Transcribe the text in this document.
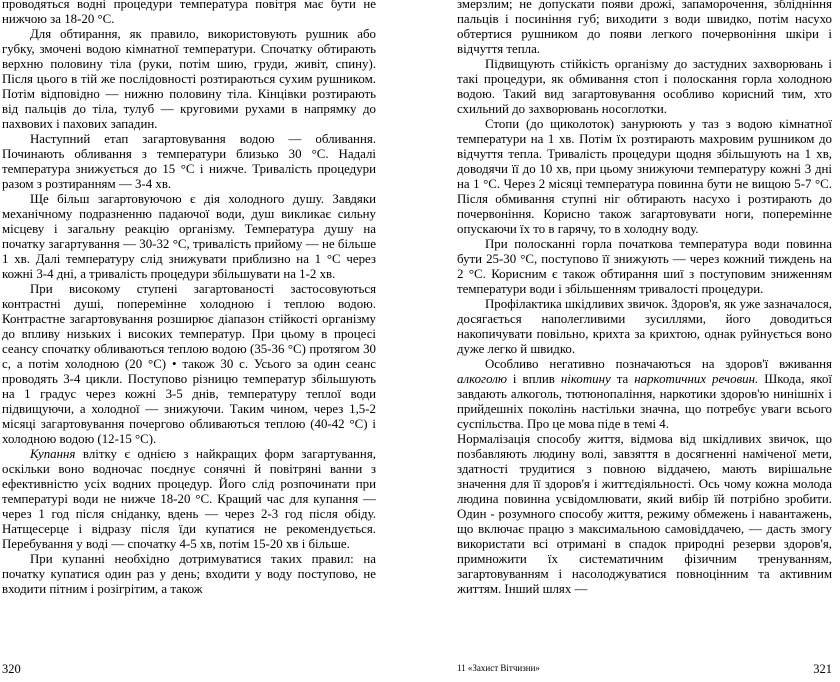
проводяться водні процедури температура повітря має бути не нижчою за 18-20 °С.

Для обтирання, як правило, використовують рушник або губку, змочені водою кімнатної температури. Спочатку обтирають верхню половину тіла (руки, потім шию, груди, живіт, спину). Після цього в тій же послідовності розтираються сухим рушником. Потім відповідно — нижню половину тіла. Кінцівки розтирають від пальців до тіла, тулуб — круговими рухами в напрямку до пахвових і пахових западин.

Наступний етап загартовування водою — обливання. Починають обливання з температури близько 30 °С. Надалі температура знижується до 15 °С і нижче. Тривалість процедури разом з розтиранням — 3-4 хв.

Ще більш загартовуючою є дія холодного душу. Завдяки механічному подразненню падаючої води, душ викликає сильну місцеву і загальну реакцію організму. Температура душу на початку загартування — 30-32 °С, тривалість прийому — не більше 1 хв. Далі температуру слід знижувати приблизно на 1 °С через кожні 3-4 дні, а тривалість процедури збільшувати на 1-2 хв.

При високому ступені загартованості застосовуються контрастні душі, поперемінне холодною і теплою водою. Контрастне загартовування розширює діапазон стійкості організму до впливу низьких і високих температур. При цьому в процесі сеансу спочатку обливаються теплою водою (35-36 °С) протягом 30 с, а потім холодною (20 °С) • також 30 с. Усього за один сеанс проводять 3-4 цикли. Поступово різницю температур збільшують на 1 градус через кожні 3-5 днів, температуру теплої води підвищуючи, а холодної — знижуючи. Таким чином, через 1,5-2 місяці загартовування почергово обливаються теплою (40-42 °С) і холодною водою (12-15 °С).

Купання влітку є однією з найкращих форм загартування, оскільки воно водночас поєднує сонячні й повітряні ванни з ефективністю усіх водних процедур. Його слід розпочинати при температурі води не нижче 18-20 °С. Кращий час для купання — через 1 год після сніданку, вдень — через 2-3 год після обіду. Натщесерце і відразу після їди купатися не рекомендується. Перебування у воді — спочатку 4-5 хв, потім 15-20 хв і більше.

При купанні необхідно дотримуватися таких правил: на початку купатися один раз у день; входити у воду поступово, не входити пітним і розігрітим, а також

320

змерзлим; не допускати появи дрожі, запаморочення, зблідніння пальців і посиніння губ; виходити з води швидко, потім насухо обтертися рушником до появи легкого почервоніння шкіри і відчуття тепла.

Підвищують стійкість організму до застудних захворювань і такі процедури, як обмивання стоп і полоскання горла холодною водою. Такий вид загартовування особливо корисний тим, хто схильний до захворювань носоглотки.

Стопи (до щиколоток) занурюють у таз з водою кімнатної температури на 1 хв. Потім їх розтирають махровим рушником до відчуття тепла. Тривалість процедури щодня збільшують на 1 хв, доводячи її до 10 хв, при цьому знижуючи температуру кожні 3 дні на 1 °С. Через 2 місяці температура повинна бути не вищою 5-7 °С. Після обмивання ступні ніг обтирають насухо і розтирають до почервоніння. Корисно також загартовувати ноги, поперемінне опускаючи їх то в гарячу, то в холодну воду.

При полосканні горла початкова температура води повинна бути 25-30 °С, поступово її знижують — через кожний тиждень на 2 °С. Корисним є також обтирання шиї з поступовим зниженням температури води і збільшенням тривалості процедури.

Профілактика шкідливих звичок. Здоров'я, як уже зазначалося, досягається наполегливими зусиллями, його доводиться накопичувати повільно, крихта за крихтою, однак руйнується воно дуже легко й швидко.

Особливо негативно позначаються на здоров'ї вживання алкоголю і вплив нікотину та наркотичних речовин. Шкода, якої завдають алкоголь, тютюнопаління, наркотики здоров'ю нинішніх і прийдешніх поколінь настільки значна, що потребує уваги всього суспільства. Про це мова піде в темі 4.

Нормалізація способу життя, відмова від шкідливих звичок, що позбавляють людину волі, завзяття в досягненні наміченої мети, здатності трудитися з повною віддачею, мають вирішальне значення для її здоров'я і життєдіяльності. Ось чому кожна молода людина повинна усвідомлювати, який вибір їй потрібно зробити. Один - розумного способу життя, режиму обмежень і навантажень, що включає працю з максимальною самовіддачею, — дасть змогу використати всі отримані в спадок природні резерви здоров'я, примножити їх систематичним фізичним тренуванням, загартовуванням і насолоджуватися повноцінним та активним життям. Інший шлях —

11 «Захист Вітчизни»	321
